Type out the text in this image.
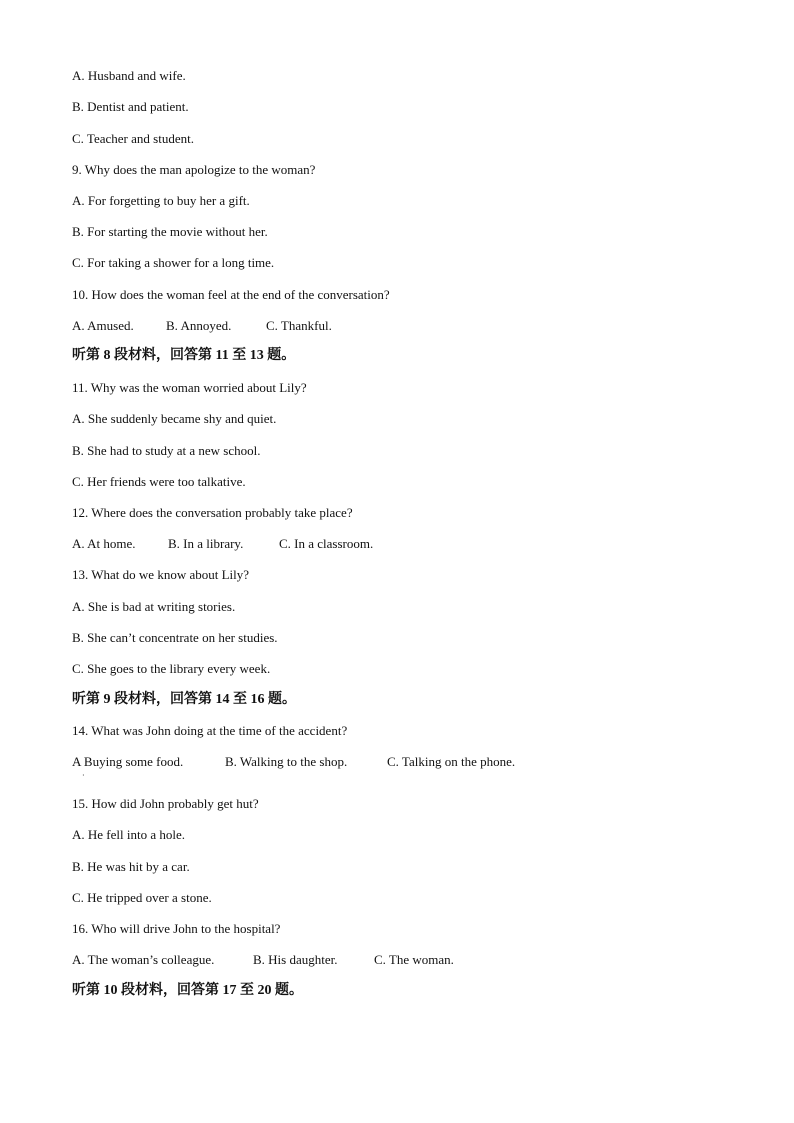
A. Husband and wife.
B. Dentist and patient.
C. Teacher and student.
9. Why does the man apologize to the woman?
A. For forgetting to buy her a gift.
B. For starting the movie without her.
C. For taking a shower for a long time.
10. How does the woman feel at the end of the conversation?
A. Amused. B. Annoyed.	C. Thankful.
听第 8 段材料，回答第 11 至 13 题。
11. Why was the woman worried about Lily?
A. She suddenly became shy and quiet.
B. She had to study at a new school.
C. Her friends were too talkative.
12. Where does the conversation probably take place?
A. At home. B. In a library.	C. In a classroom.
13. What do we know about Lily?
A. She is bad at writing stories.
B. She can’t concentrate on her studies.
C. She goes to the library every week.
听第 9 段材料，回答第 14 至 16 题。
14. What was John doing at the time of the accident?
A Buying some food.	B. Walking to the shop.	C. Talking on the phone.
·
15. How did John probably get hut?
A. He fell into a hole.
B. He was hit by a car.
C. He tripped over a stone.
16. Who will drive John to the hospital?
A. The woman’s colleague.	B. His daughter.	C. The woman.
听第 10 段材料，回答第 17 至 20 题。
